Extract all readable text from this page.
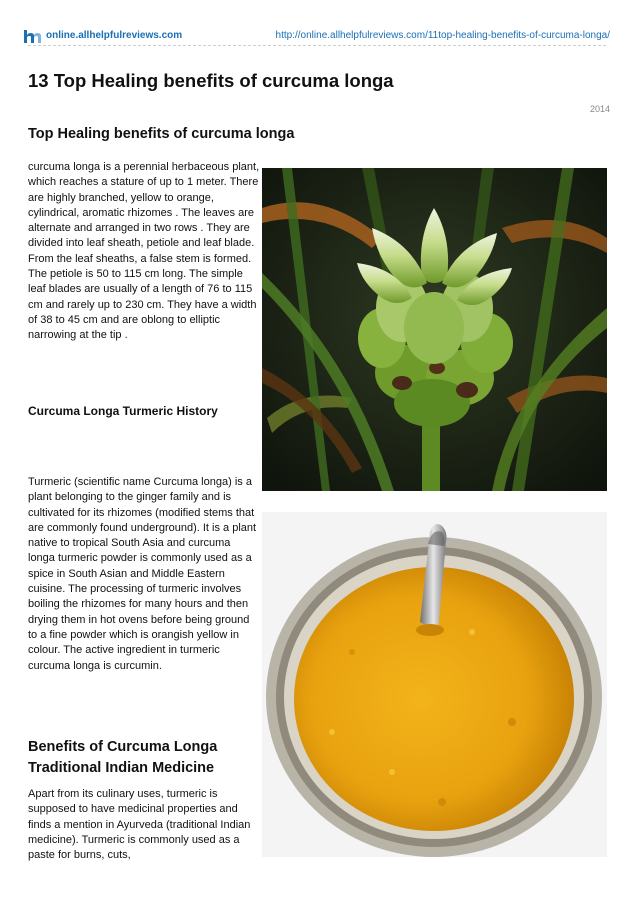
online.allhelpfulreviews.com	http://online.allhelpfulreviews.com/11top-healing-benefits-of-curcuma-longa/
13 Top Healing benefits of curcuma longa
2014
Top Healing benefits of curcuma longa

curcuma longa is a perennial herbaceous plant, which reaches a stature of up to 1 meter. There are highly branched, yellow to orange, cylindrical, aromatic rhizomes . The leaves are alternate and arranged in two rows . They are divided into leaf sheath, petiole and leaf blade. From the leaf sheaths, a false stem is formed. The petiole is 50 to 115 cm long. The simple leaf blades are usually of a length of 76 to 115 cm and rarely up to 230 cm. They have a width of 38 to 45 cm and are oblong to elliptic narrowing at the tip .

Curcuma Longa Turmeric History

Turmeric (scientific name Curcuma longa) is a plant belonging to the ginger family and is cultivated for its rhizomes (modified stems that are commonly found underground). It is a plant native to tropical South Asia and curcuma longa turmeric powder is commonly used as a spice in South Asian and Middle Eastern cuisine. The processing of turmeric involves boiling the rhizomes for many hours and then drying them in hot ovens before being ground to a fine powder which is orangish yellow in colour. The active ingredient in turmeric curcuma longa is curcumin.

Benefits of Curcuma Longa Traditional Indian Medicine

Apart from its culinary uses, turmeric is supposed to have medicinal properties and finds a mention in Ayurveda (traditional Indian medicine). Turmeric is commonly used as a paste for burns, cuts,
